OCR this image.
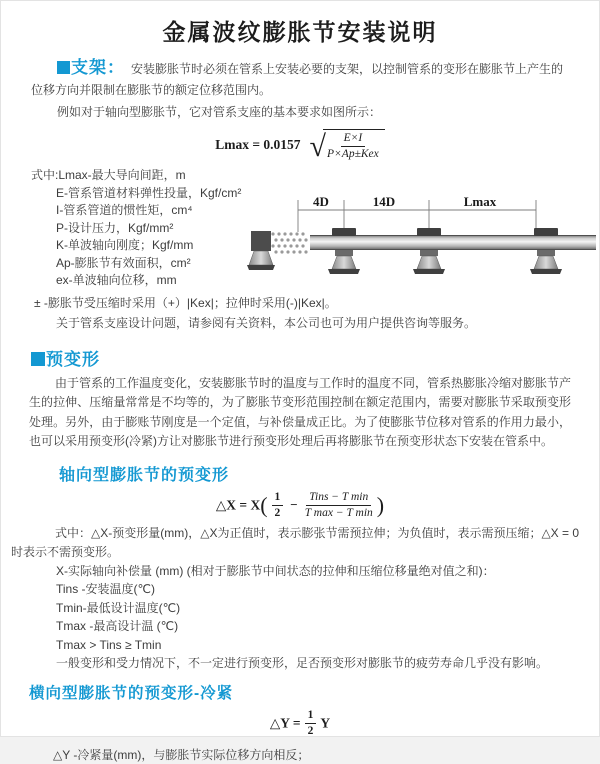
金属波纹膨胀节安装说明

支架： 安装膨胀节时必须在管系上安装必要的支架，以控制管系的变形在膨胀节上产生的位移方向并限制在膨胀节的额定位移范围内。

例如对于轴向型膨胀节，它对管系支座的基本要求如图所示：

Lmax = 0.0157 √ $\frac{E\times I}{\text{P×Ap±Kex}}$
式中:Lmax-最大导向间距，m
E-管系管道材料弹性投量，Kgf/cm²
I-管系管道的惯性矩，cm⁴
P-设计压力，Kgf/mm²
K-单波轴向刚度；Kgf/mm
Ap-膨胀节有效面积，cm²
ex-单波轴向位移，mm
4D	14D	Lmax

± -膨胀节受压缩时采用（+）|Kex|；拉伸时采用(-)|Kex|。

关于管系支座设计问题，请参阅有关资料，本公司也可为用户提供咨询等服务。

预变形

由于管系的工作温度变化，安装膨胀节时的温度与工作时的温度不同，管系热膨胀冷缩对膨胀节产生的拉伸、压缩量常常是不均等的，为了膨胀节变形范围控制在额定范围内，需要对膨胀节采取预变形处理。另外，由于膨账节刚度是一个定值，与补偿量成正比。为了使膨胀节位移对管系的作用力最小，也可以采用预变形(冷紧)方让对膨胀节进行预变形处理后再将膨胀节在预变形状态下安装在管系中。

轴向型膨胀节的预变形
△X = $X( \frac{1}{2} - \frac{\text{Tins − T min}}{\text{T max − T min}}$ )

式中：△X-预变形量(mm)，△X为正值时，表示膨张节需预拉伸；为负值时，表示需预压缩；△X = 0时表示不需预变形。

X-实际轴向补偿量 (mm) (相对于膨胀节中间状态的拉伸和压缩位移量绝对值之和)：

Tins -安装温度(℃)

Tmin-最低设计温度(℃)

Tmax -最高设计温 (℃)

Tmax > Tins ≥ Tmin

一般变形和受力情况下，不一定进行预变形，足否预变形对膨胀节的疲劳寿命几乎没有影响。

横向型膨胀节的预变形-冷紧
△Y = $\frac{1}{2}$ Y

△Y -冷紧量(mm)，与膨胀节实际位移方向相反；
